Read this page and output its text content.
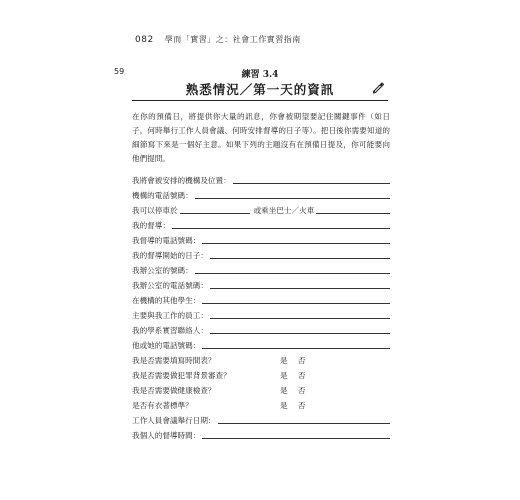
082 學而「實習」之：社會工作實習指南
59	練習 3.4
熟悉情況／第一天的資訊
在你的預備日，將提供你大量的訊息，你會被期望要記住關鍵事件（如日子，何時舉行工作人員會議、何時安排督導的日子等）。把日後你需要知道的細節寫下來是一個好主意。如果下列的主題沒有在預備日提及，你可能要向他們提問。
我將會被安排的機構及位置：
機構的電話號碼：
我可以停車於	或乘坐巴士／火車
我的督導：
我督導的電話號碼：
我的督導開始的日子：
我辦公室的號碼：
我辦公室的電話號碼：
在機構的其他學生：
主要與我工作的員工：
我的學系實習聯絡人：
他或她的電話號碼：
我是否需要填寫時間表？	是	否
我是否需要做犯罪背景審查？	是	否
我是否需要做健康檢查？	是	否
是否有衣著標準？	是	否
工作人員會議舉行日期：
我個人的督導時間：
